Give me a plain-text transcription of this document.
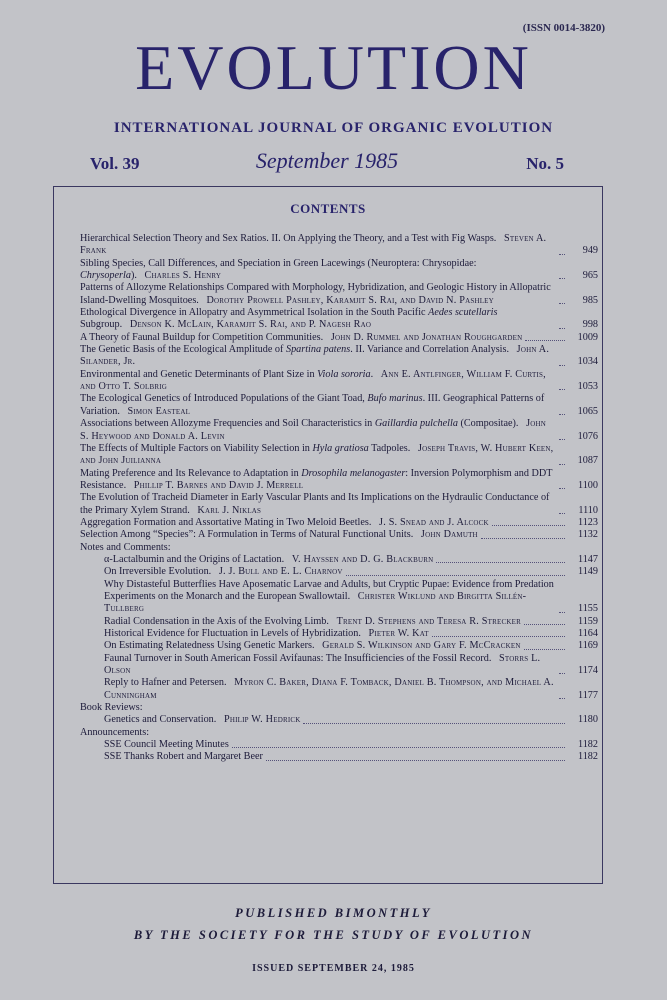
(ISSN 0014-3820)
EVOLUTION
INTERNATIONAL JOURNAL OF ORGANIC EVOLUTION
Vol. 39	September 1985	No. 5
CONTENTS
Hierarchical Selection Theory and Sex Ratios. II. On Applying the Theory, and a Test with Fig Wasps. Steven A. Frank	949
Sibling Species, Call Differences, and Speciation in Green Lacewings (Neuroptera: Chrysopidae: Chrysoperla). Charles S. Henry	965
Patterns of Allozyme Relationships Compared with Morphology, Hybridization, and Geologic History in Allopatric Island-Dwelling Mosquitoes. Dorothy Prowell Pashley, Karamjit S. Rai, and David N. Pashley	985
Ethological Divergence in Allopatry and Asymmetrical Isolation in the South Pacific Aedes scutellaris Subgroup. Denson K. McLain, Karamjit S. Rai, and P. Nagesh Rao	998
A Theory of Faunal Buildup for Competition Communities. John D. Rummel and Jonathan Roughgarden	1009
The Genetic Basis of the Ecological Amplitude of Spartina patens. II. Variance and Correlation Analysis. John A. Silander, Jr.	1034
Environmental and Genetic Determinants of Plant Size in Viola sororia. Ann E. Antlfinger, William F. Curtis, and Otto T. Solbrig	1053
The Ecological Genetics of Introduced Populations of the Giant Toad, Bufo marinus. III. Geographical Patterns of Variation. Simon Easteal	1065
Associations between Allozyme Frequencies and Soil Characteristics in Gaillardia pulchella (Compositae). John S. Heywood and Donald A. Levin	1076
The Effects of Multiple Factors on Viability Selection in Hyla gratiosa Tadpoles. Joseph Travis, W. Hubert Keen, and John Juilianna	1087
Mating Preference and Its Relevance to Adaptation in Drosophila melanogaster: Inversion Polymorphism and DDT Resistance. Phillip T. Barnes and David J. Merrell	1100
The Evolution of Tracheid Diameter in Early Vascular Plants and Its Implications on the Hydraulic Conductance of the Primary Xylem Strand. Karl J. Niklas	1110
Aggregation Formation and Assortative Mating in Two Meloid Beetles. J. S. Snead and J. Alcock	1123
Selection Among “Species”: A Formulation in Terms of Natural Functional Units. John Damuth	1132
Notes and Comments:
α-Lactalbumin and the Origins of Lactation. V. Hayssen and D. G. Blackburn	1147
On Irreversible Evolution. J. J. Bull and E. L. Charnov	1149
Why Distasteful Butterflies Have Aposematic Larvae and Adults, but Cryptic Pupae: Evidence from Predation Experiments on the Monarch and the European Swallowtail. Christer Wiklund and Birgitta Sillén-Tullberg	1155
Radial Condensation in the Axis of the Evolving Limb. Trent D. Stephens and Teresa R. Strecker	1159
Historical Evidence for Fluctuation in Levels of Hybridization. Pieter W. Kat	1164
On Estimating Relatedness Using Genetic Markers. Gerald S. Wilkinson and Gary F. McCracken	1169
Faunal Turnover in South American Fossil Avifaunas: The Insufficiencies of the Fossil Record. Storrs L. Olson	1174
Reply to Hafner and Petersen. Myron C. Baker, Diana F. Tomback, Daniel B. Thompson, and Michael A. Cunningham	1177
Book Reviews:
Genetics and Conservation. Philip W. Hedrick	1180
Announcements:
SSE Council Meeting Minutes	1182
SSE Thanks Robert and Margaret Beer	1182
PUBLISHED BIMONTHLY
BY THE SOCIETY FOR THE STUDY OF EVOLUTION
ISSUED SEPTEMBER 24, 1985
